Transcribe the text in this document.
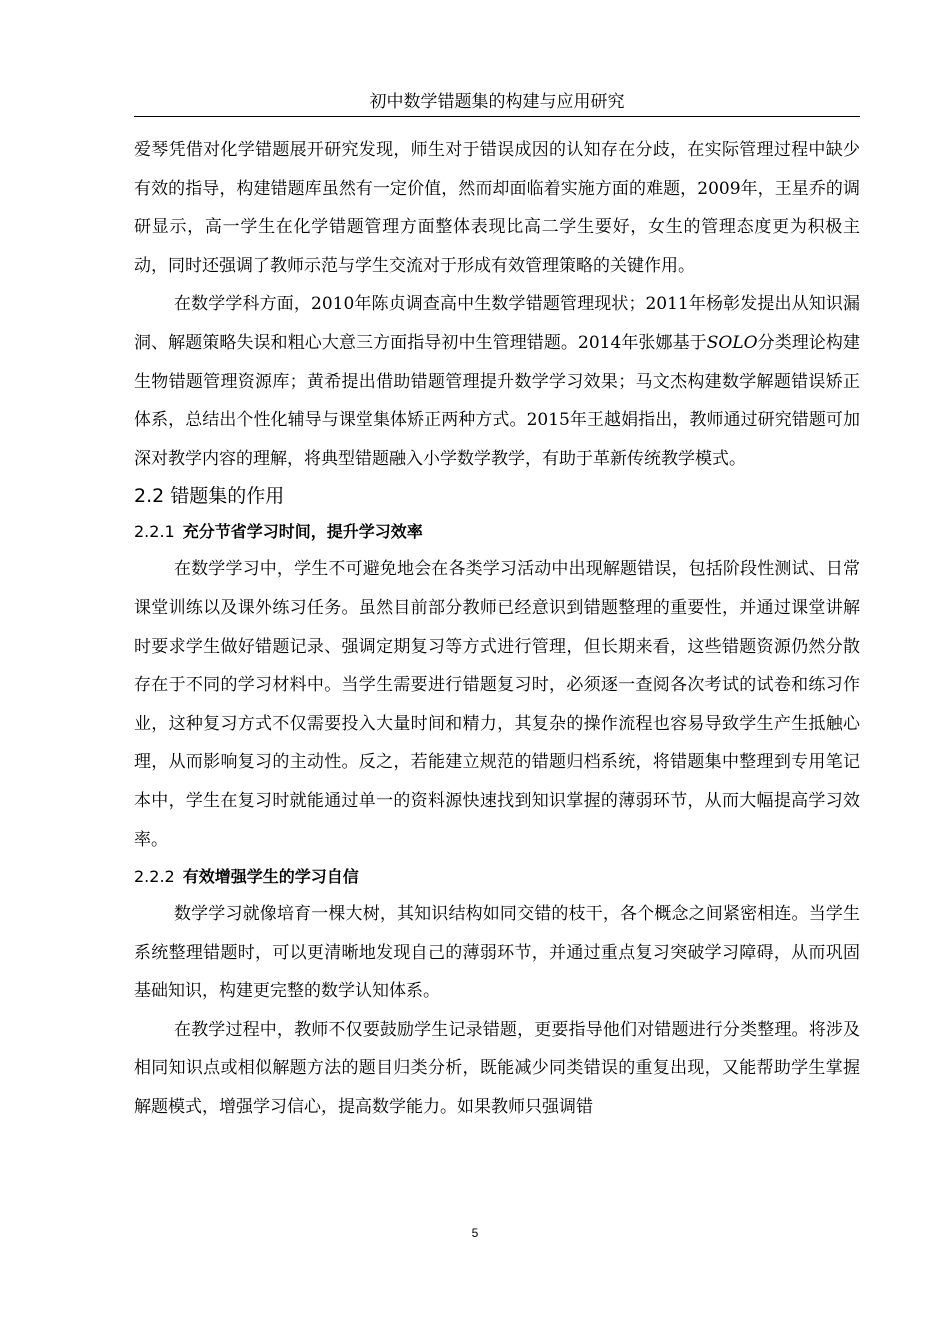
初中数学错题集的构建与应用研究

爱琴凭借对化学错题展开研究发现，师生对于错误成因的认知存在分歧，在实际管理过程中缺少有效的指导，构建错题库虽然有一定价值，然而却面临着实施方面的难题，2009年，王星乔的调研显示，高一学生在化学错题管理方面整体表现比高二学生要好，女生的管理态度更为积极主动，同时还强调了教师示范与学生交流对于形成有效管理策略的关键作用。

在数学学科方面，2010年陈贞调查高中生数学错题管理现状；2011年杨彰发提出从知识漏洞、解题策略失误和粗心大意三方面指导初中生管理错题。2014年张娜基于SOLO分类理论构建生物错题管理资源库；黄希提出借助错题管理提升数学学习效果；马文杰构建数学解题错误矫正体系，总结出个性化辅导与课堂集体矫正两种方式。2015年王越娟指出，教师通过研究错题可加深对教学内容的理解，将典型错题融入小学数学教学，有助于革新传统教学模式。

2.2 错题集的作用
2.2.1 充分节省学习时间，提升学习效率

在数学学习中，学生不可避免地会在各类学习活动中出现解题错误，包括阶段性测试、日常课堂训练以及课外练习任务。虽然目前部分教师已经意识到错题整理的重要性，并通过课堂讲解时要求学生做好错题记录、强调定期复习等方式进行管理，但长期来看，这些错题资源仍然分散存在于不同的学习材料中。当学生需要进行错题复习时，必须逐一查阅各次考试的试卷和练习作业，这种复习方式不仅需要投入大量时间和精力，其复杂的操作流程也容易导致学生产生抵触心理，从而影响复习的主动性。反之，若能建立规范的错题归档系统，将错题集中整理到专用笔记本中，学生在复习时就能通过单一的资料源快速找到知识掌握的薄弱环节，从而大幅提高学习效率。

2.2.2 有效增强学生的学习自信

数学学习就像培育一棵大树，其知识结构如同交错的枝干，各个概念之间紧密相连。当学生系统整理错题时，可以更清晰地发现自己的薄弱环节，并通过重点复习突破学习障碍，从而巩固基础知识，构建更完整的数学认知体系。

在教学过程中，教师不仅要鼓励学生记录错题，更要指导他们对错题进行分类整理。将涉及相同知识点或相似解题方法的题目归类分析，既能减少同类错误的重复出现，又能帮助学生掌握解题模式，增强学习信心，提高数学能力。如果教师只强调错

5
